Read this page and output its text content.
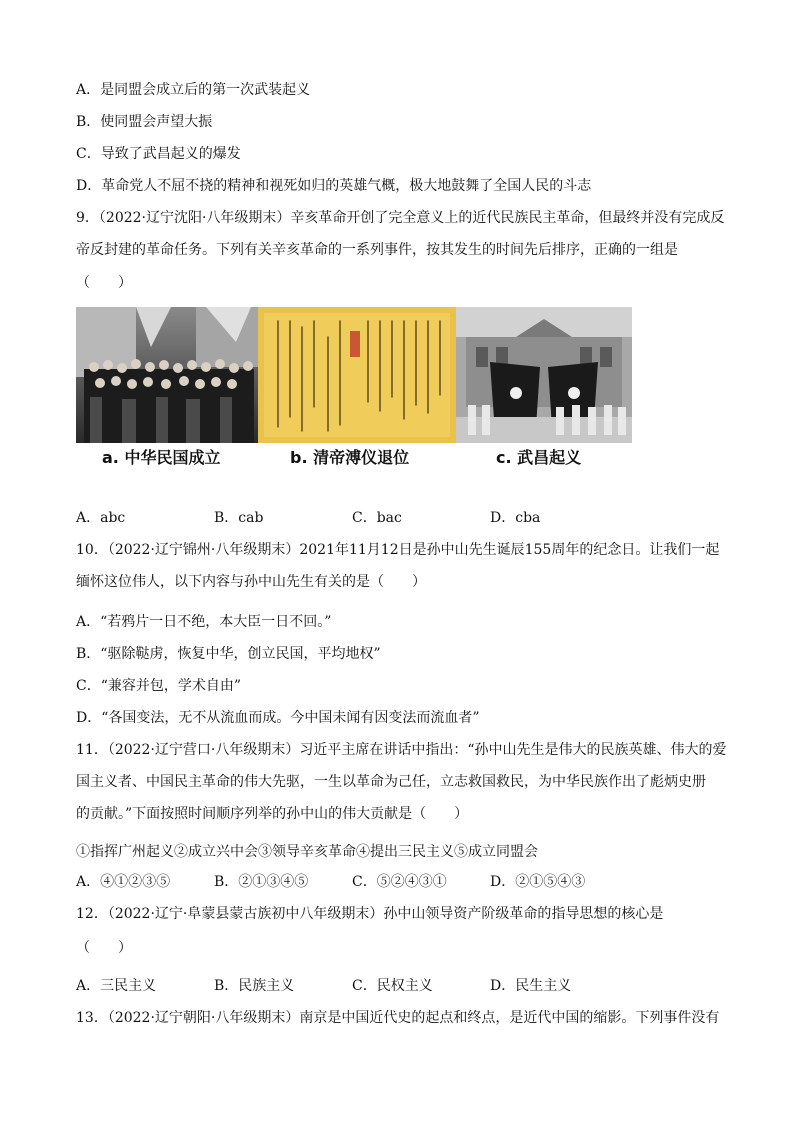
A．是同盟会成立后的第一次武装起义
B．使同盟会声望大振
C．导致了武昌起义的爆发
D．革命党人不屈不挠的精神和视死如归的英雄气概，极大地鼓舞了全国人民的斗志
9．（2022·辽宁沈阳·八年级期末）辛亥革命开创了完全意义上的近代民族民主革命，但最终并没有完成反
帝反封建的革命任务。下列有关辛亥革命的一系列事件，按其发生的时间先后排序，正确的一组是
（　　）
a. 中华民国成立	b. 清帝溥仪退位	c. 武昌起义
A．abc	B．cab	C．bac	D．cba
10．（2022·辽宁锦州·八年级期末）2021年11月12日是孙中山先生诞辰155周年的纪念日。让我们一起
缅怀这位伟人，以下内容与孙中山先生有关的是（　　）
A．“若鸦片一日不绝，本大臣一日不回。”
B．“驱除鞑虏，恢复中华，创立民国，平均地权”
C．“兼容并包，学术自由”
D．“各国变法，无不从流血而成。今中国未闻有因变法而流血者”
11．（2022·辽宁营口·八年级期末）习近平主席在讲话中指出：“孙中山先生是伟大的民族英雄、伟大的爱
国主义者、中国民主革命的伟大先驱，一生以革命为己任，立志救国救民，为中华民族作出了彪炳史册
的贡献。”下面按照时间顺序列举的孙中山的伟大贡献是（　　）
①指挥广州起义②成立兴中会③领导辛亥革命④提出三民主义⑤成立同盟会
A．④①②③⑤	B．②①③④⑤	C．⑤②④③①	D．②①⑤④③
12．（2022·辽宁·阜蒙县蒙古族初中八年级期末）孙中山领导资产阶级革命的指导思想的核心是
（　　）
A．三民主义	B．民族主义	C．民权主义	D．民生主义
13．（2022·辽宁朝阳·八年级期末）南京是中国近代史的起点和终点，是近代中国的缩影。下列事件没有
